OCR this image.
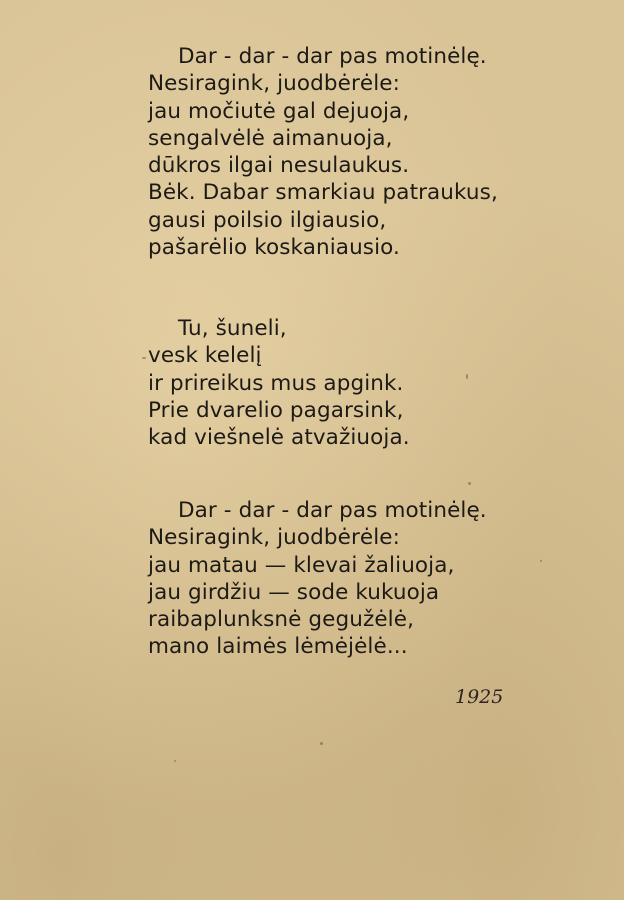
Dar - dar - dar pas motinėlę.
Nesiragink, juodbėrėle:
jau močiutė gal dejuoja,
sengalvėlė aimanuoja,
dūkros ilgai nesulaukus.
Bėk. Dabar smarkiau patraukus,
gausi poilsio ilgiausio,
pašarėlio koskaniausio.
Tu, šuneli,
vesk kelelį
ir prireikus mus apgink.
Prie dvarelio pagarsink,
kad viešnelė atvažiuoja.
Dar - dar - dar pas motinėlę.
Nesiragink, juodbėrėle:
jau matau — klevai žaliuoja,
jau girdžiu — sode kukuoja
raibaplunksnė gegužėlė,
mano laimės lėmėjėlė...
1925
